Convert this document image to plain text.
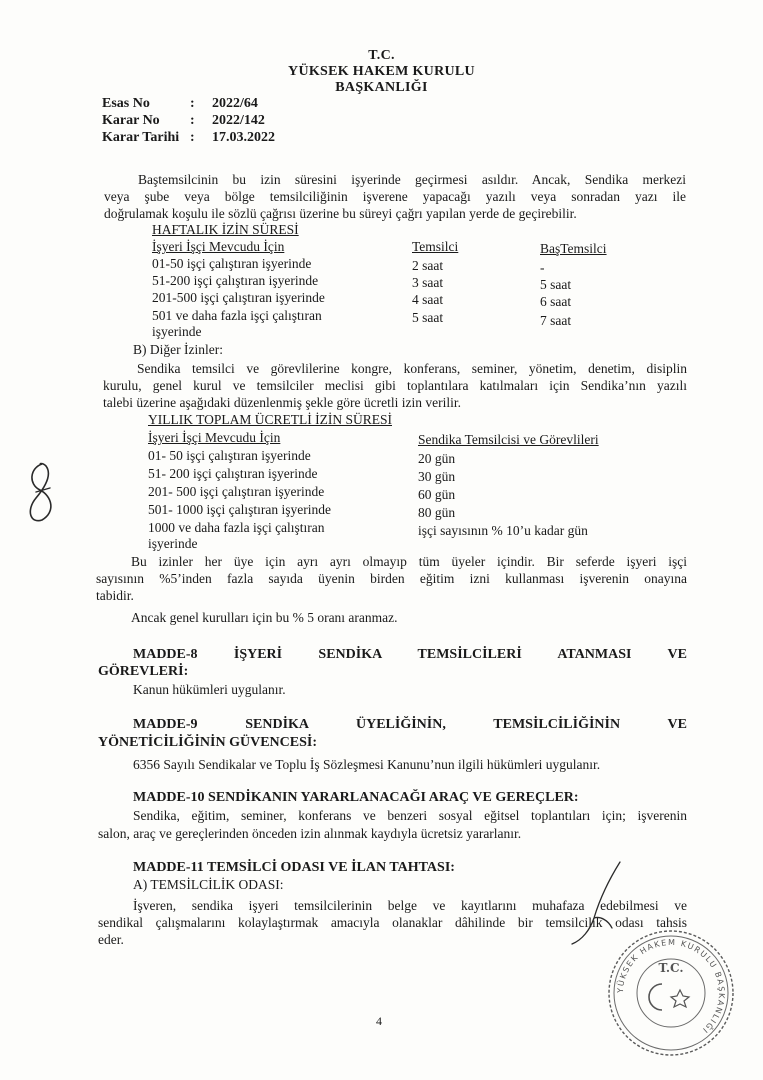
T.C.
YÜKSEK HAKEM KURULU
BAŞKANLIĞI
Esas No	: 2022/64
Karar No : 2022/142
Karar Tarihi : 17.03.2022
Baştemsilcinin bu izin süresini işyerinde geçirmesi asıldır. Ancak, Sendika merkezi
veya şube veya bölge temsilciliğinin işverene yapacağı yazılı veya sonradan yazı ile
doğrulamak koşulu ile sözlü çağrısı üzerine bu süreyi çağrı yapılan yerde de geçirebilir.
HAFTALIK İZİN SÜRESİ
İşyeri İşçi Mevcudu İçin	Temsilci	BaşTemsilci
01-50 işçi çalıştıran işyerinde	2 saat	-
51-200 işçi çalıştıran işyerinde	3 saat	5 saat
201-500 işçi çalıştıran işyerinde	4 saat	6 saat
501 ve daha fazla işçi çalıştıran
işyerinde
5 saat	7 saat
B) Diğer İzinler:
Sendika temsilci ve görevlilerine kongre, konferans, seminer, yönetim, denetim, disiplin
kurulu, genel kurul ve temsilciler meclisi gibi toplantılara katılmaları için Sendika’nın yazılı
talebi üzerine aşağıdaki düzenlenmiş şekle göre ücretli izin verilir.
YILLIK TOPLAM ÜCRETLİ İZİN SÜRESİ
İşyeri İşçi Mevcudu İçin	Sendika Temsilcisi ve Görevlileri
01- 50 işçi çalıştıran işyerinde	20 gün
51- 200 işçi çalıştıran işyerinde	30 gün
201- 500 işçi çalıştıran işyerinde	60 gün
501- 1000 işçi çalıştıran işyerinde	80 gün
1000 ve daha fazla işçi çalıştıran
işyerinde
işçi sayısının % 10’u kadar gün
Bu izinler her üye için ayrı ayrı olmayıp tüm üyeler içindir. Bir seferde işyeri işçi
sayısının %5’inden fazla sayıda üyenin birden eğitim izni kullanması işverenin onayına
tabidir.
Ancak genel kurulları için bu % 5 oranı aranmaz.
MADDE-8 İŞYERİ SENDİKA TEMSİLCİLERİ ATANMASI VE
GÖREVLERİ:
Kanun hükümleri uygulanır.
MADDE-9 SENDİKA ÜYELİĞİNİN, TEMSİLCİLİĞİNİN VE
YÖNETİCİLİĞİNİN GÜVENCESİ:
6356 Sayılı Sendikalar ve Toplu İş Sözleşmesi Kanunu’nun ilgili hükümleri uygulanır.
MADDE-10 SENDİKANIN YARARLANACAĞI ARAÇ VE GEREÇLER:
Sendika, eğitim, seminer, konferans ve benzeri sosyal eğitsel toplantıları için; işverenin
salon, araç ve gereçlerinden önceden izin alınmak kaydıyla ücretsiz yararlanır.
MADDE-11 TEMSİLCİ ODASI VE İLAN TAHTASI:
A) TEMSİLCİLİK ODASI:
İşveren, sendika işyeri temsilcilerinin belge ve kayıtlarını muhafaza edebilmesi ve
sendikal çalışmalarını kolaylaştırmak amacıyla olanaklar dâhilinde bir temsilcilik odası tahsis
eder.
4
YÜKSEK HAKEM KURULU BAŞKANLIĞI
T.C.
